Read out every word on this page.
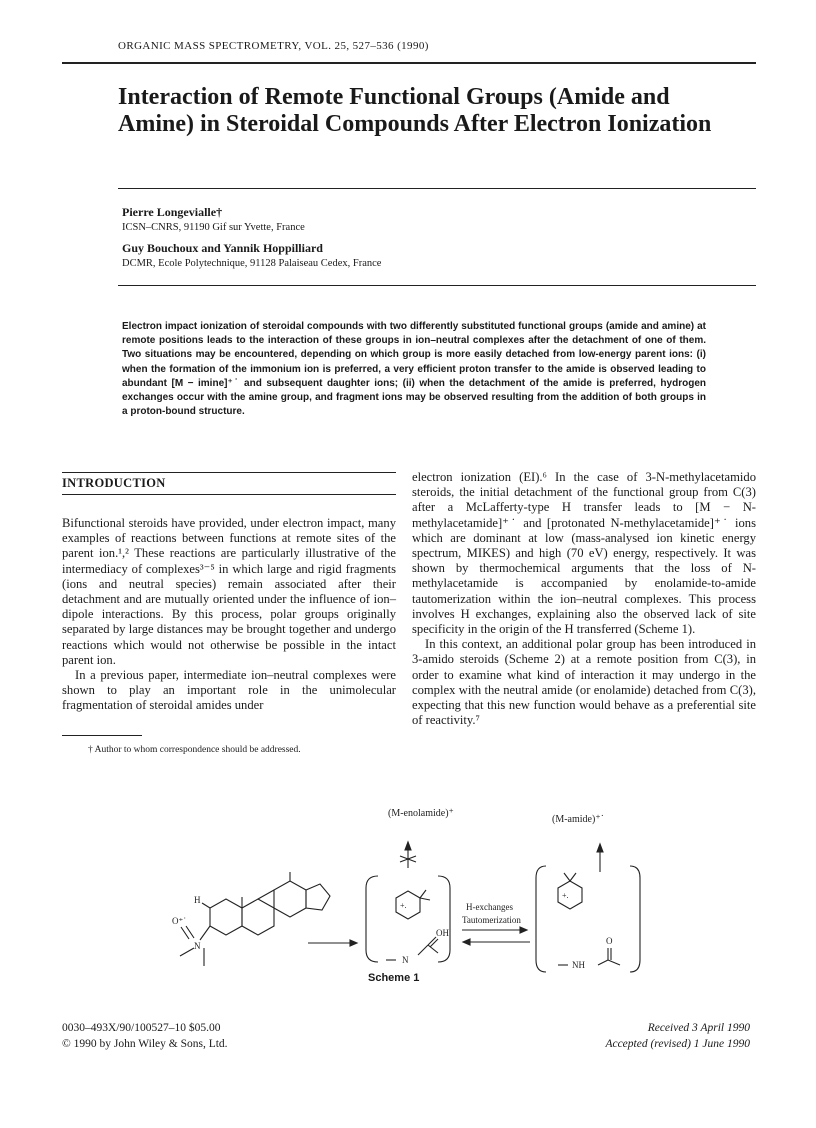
ORGANIC MASS SPECTROMETRY, VOL. 25, 527–536 (1990)
Interaction of Remote Functional Groups (Amide and Amine) in Steroidal Compounds After Electron Ionization
Pierre Longevialle†
ICSN–CNRS, 91190 Gif sur Yvette, France
Guy Bouchoux and Yannik Hoppilliard
DCMR, Ecole Polytechnique, 91128 Palaiseau Cedex, France
Electron impact ionization of steroidal compounds with two differently substituted functional groups (amide and amine) at remote positions leads to the interaction of these groups in ion–neutral complexes after the detachment of one of them. Two situations may be encountered, depending on which group is more easily detached from low-energy parent ions: (i) when the formation of the immonium ion is preferred, a very efficient proton transfer to the amide is observed leading to abundant [M − imine]⁺˙ and subsequent daughter ions; (ii) when the detachment of the amide is preferred, hydrogen exchanges occur with the amine group, and fragment ions may be observed resulting from the addition of both groups in a proton-bound structure.
INTRODUCTION

Bifunctional steroids have provided, under electron impact, many examples of reactions between functions at remote sites of the parent ion.¹,² These reactions are particularly illustrative of the intermediacy of complexes³⁻⁵ in which large and rigid fragments (ions and neutral species) remain associated after their detachment and are mutually oriented under the influence of ion–dipole interactions. By this process, polar groups originally separated by large distances may be brought together and undergo reactions which would not otherwise be possible in the intact parent ion.

In a previous paper, intermediate ion–neutral complexes were shown to play an important role in the unimolecular fragmentation of steroidal amides under

electron ionization (EI).⁶ In the case of 3-N-methylacetamido steroids, the initial detachment of the functional group from C(3) after a McLafferty-type H transfer leads to [M − N-methylacetamide]⁺˙ and [protonated N-methylacetamide]⁺˙ ions which are dominant at low (mass-analysed ion kinetic energy spectrum, MIKES) and high (70 eV) energy, respectively. It was shown by thermochemical arguments that the loss of N-methylacetamide is accompanied by enolamide-to-amide tautomerization within the ion–neutral complexes. This process involves H exchanges, explaining also the observed lack of site specificity in the origin of the H transferred (Scheme 1).

In this context, an additional polar group has been introduced in 3-amido steroids (Scheme 2) at a remote position from C(3), in order to examine what kind of interaction it may undergo in the complex with the neutral amide (or enolamide) detached from C(3), expecting that this new function would behave as a preferential site of reactivity.⁷

† Author to whom correspondence should be addressed.
(M-enolamide)⁺
(M-amide)⁺˙
H
O⁺˙
N
+.
OH
N
H-exchanges
Tautomerization
+.
O
NH
Scheme 1
0030–493X/90/100527–10 $05.00
© 1990 by John Wiley & Sons, Ltd.
Received 3 April 1990
Accepted (revised) 1 June 1990
